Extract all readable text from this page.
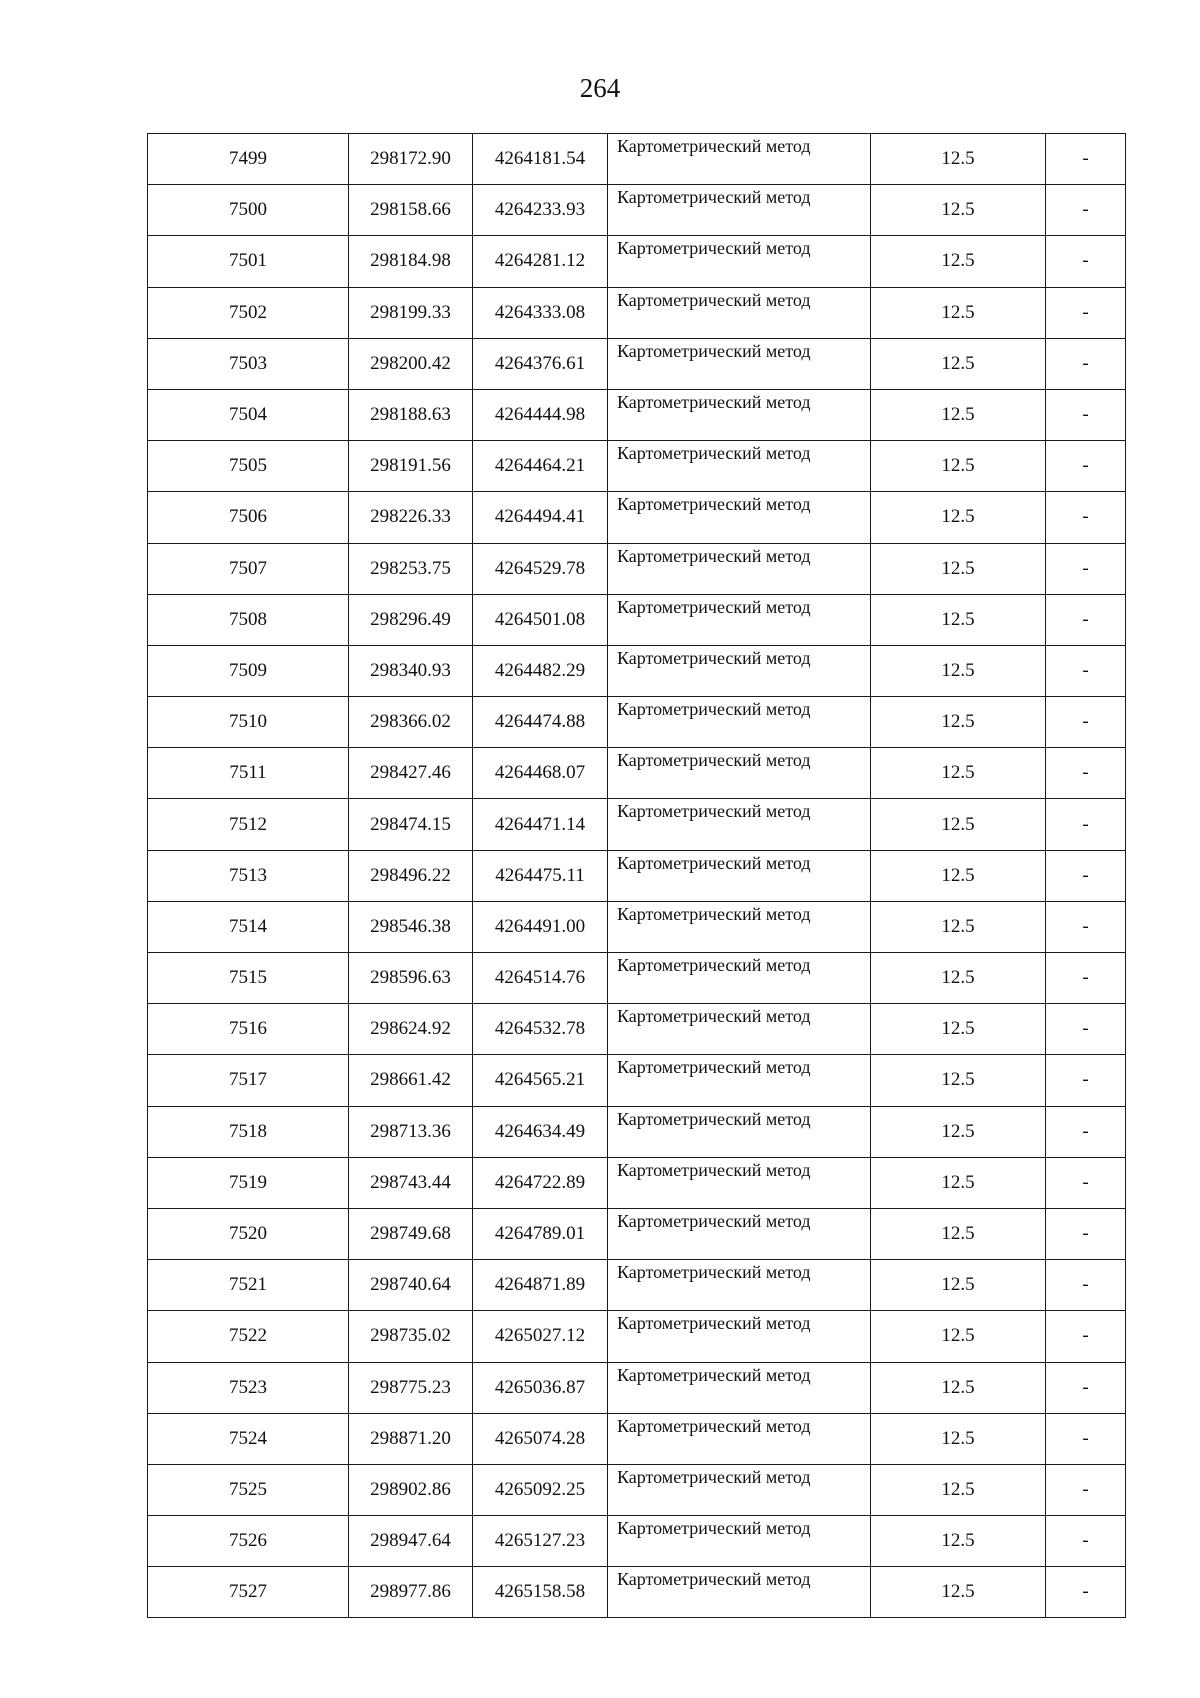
264
7499	298172.90	4264181.54	Картометрический метод	12.5	-
7500	298158.66	4264233.93	Картометрический метод	12.5	-
7501	298184.98	4264281.12	Картометрический метод	12.5	-
7502	298199.33	4264333.08	Картометрический метод	12.5	-
7503	298200.42	4264376.61	Картометрический метод	12.5	-
7504	298188.63	4264444.98	Картометрический метод	12.5	-
7505	298191.56	4264464.21	Картометрический метод	12.5	-
7506	298226.33	4264494.41	Картометрический метод	12.5	-
7507	298253.75	4264529.78	Картометрический метод	12.5	-
7508	298296.49	4264501.08	Картометрический метод	12.5	-
7509	298340.93	4264482.29	Картометрический метод	12.5	-
7510	298366.02	4264474.88	Картометрический метод	12.5	-
7511	298427.46	4264468.07	Картометрический метод	12.5	-
7512	298474.15	4264471.14	Картометрический метод	12.5	-
7513	298496.22	4264475.11	Картометрический метод	12.5	-
7514	298546.38	4264491.00	Картометрический метод	12.5	-
7515	298596.63	4264514.76	Картометрический метод	12.5	-
7516	298624.92	4264532.78	Картометрический метод	12.5	-
7517	298661.42	4264565.21	Картометрический метод	12.5	-
7518	298713.36	4264634.49	Картометрический метод	12.5	-
7519	298743.44	4264722.89	Картометрический метод	12.5	-
7520	298749.68	4264789.01	Картометрический метод	12.5	-
7521	298740.64	4264871.89	Картометрический метод	12.5	-
7522	298735.02	4265027.12	Картометрический метод	12.5	-
7523	298775.23	4265036.87	Картометрический метод	12.5	-
7524	298871.20	4265074.28	Картометрический метод	12.5	-
7525	298902.86	4265092.25	Картометрический метод	12.5	-
7526	298947.64	4265127.23	Картометрический метод	12.5	-
7527	298977.86	4265158.58	Картометрический метод	12.5	-
